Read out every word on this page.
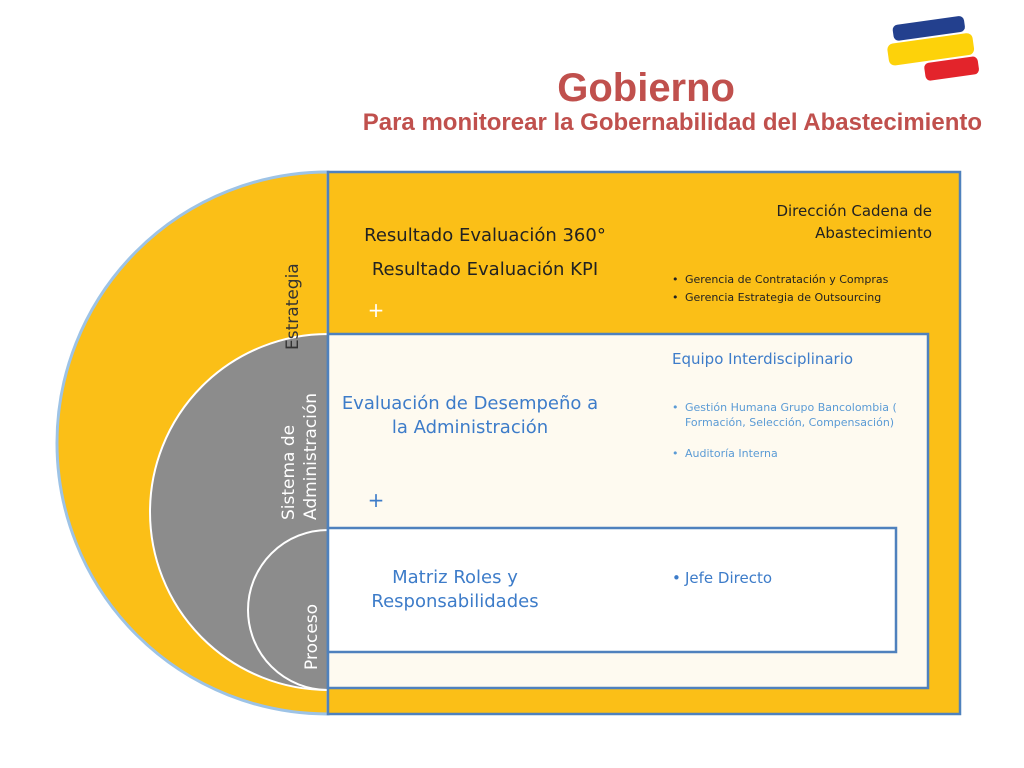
Gobierno
Para monitorear la Gobernabilidad del Abastecimiento
Estrategia
Sistema de Administración
Proceso
Resultado Evaluación 360°
Resultado Evaluación KPI
+
Evaluación de Desempeño a
la Administración
+
Matriz Roles y
Responsabilidades
Dirección Cadena de
Abastecimiento
• Gerencia de Contratación y Compras
• Gerencia Estrategia de Outsourcing
Equipo Interdisciplinario
• Gestión Humana Grupo Bancolombia ( Formación, Selección, Compensación)
• Auditoría Interna
• Jefe Directo
